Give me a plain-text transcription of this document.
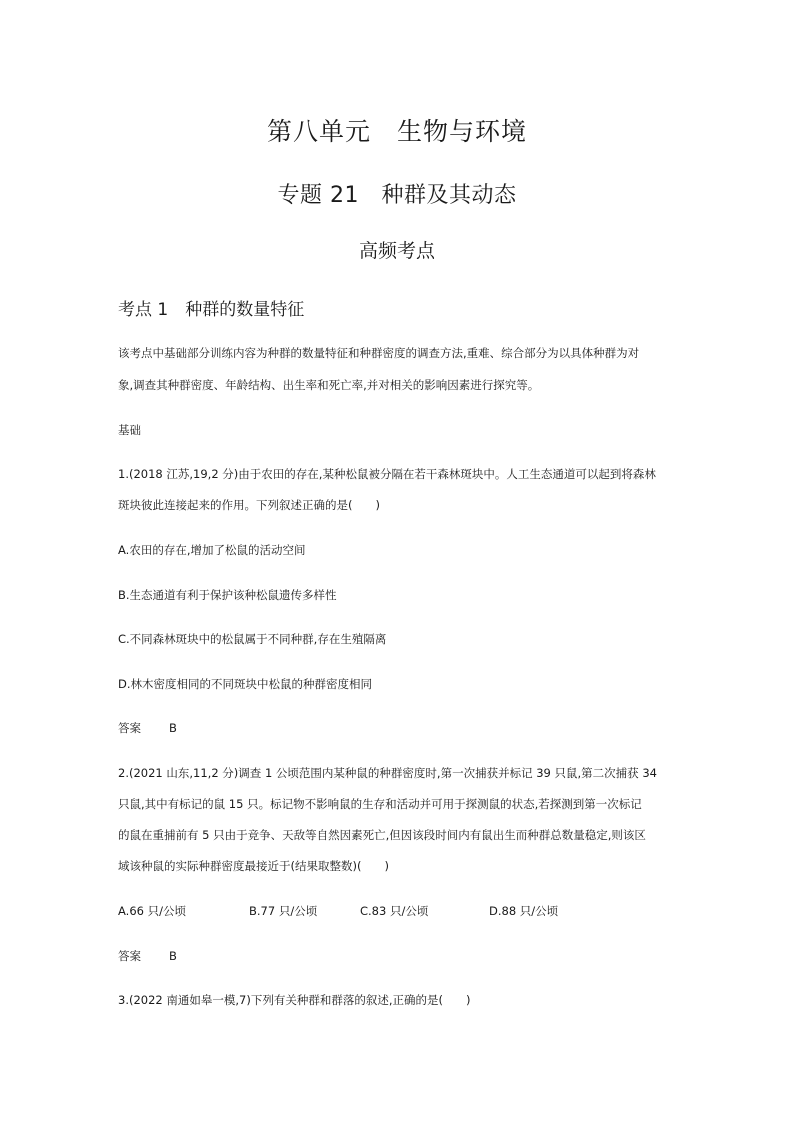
第八单元　生物与环境
专题 21　种群及其动态
高频考点
考点 1　种群的数量特征
该考点中基础部分训练内容为种群的数量特征和种群密度的调查方法,重难、综合部分为以具体种群为对
象,调查其种群密度、年龄结构、出生率和死亡率,并对相关的影响因素进行探究等。
基础
1.(2018 江苏,19,2 分)由于农田的存在,某种松鼠被分隔在若干森林斑块中。人工生态通道可以起到将森林
斑块彼此连接起来的作用。下列叙述正确的是(　　)
A.农田的存在,增加了松鼠的活动空间
B.生态通道有利于保护该种松鼠遗传多样性
C.不同森林斑块中的松鼠属于不同种群,存在生殖隔离
D.林木密度相同的不同斑块中松鼠的种群密度相同
答案 B
2.(2021 山东,11,2 分)调查 1 公顷范围内某种鼠的种群密度时,第一次捕获并标记 39 只鼠,第二次捕获 34
只鼠,其中有标记的鼠 15 只。标记物不影响鼠的生存和活动并可用于探测鼠的状态,若探测到第一次标记
的鼠在重捕前有 5 只由于竞争、天敌等自然因素死亡,但因该段时间内有鼠出生而种群总数量稳定,则该区
域该种鼠的实际种群密度最接近于(结果取整数)(　　)
A.66 只/公顷	B.77 只/公顷	C.83 只/公顷	D.88 只/公顷
答案 B
3.(2022 南通如皋一模,7)下列有关种群和群落的叙述,正确的是(　　)
